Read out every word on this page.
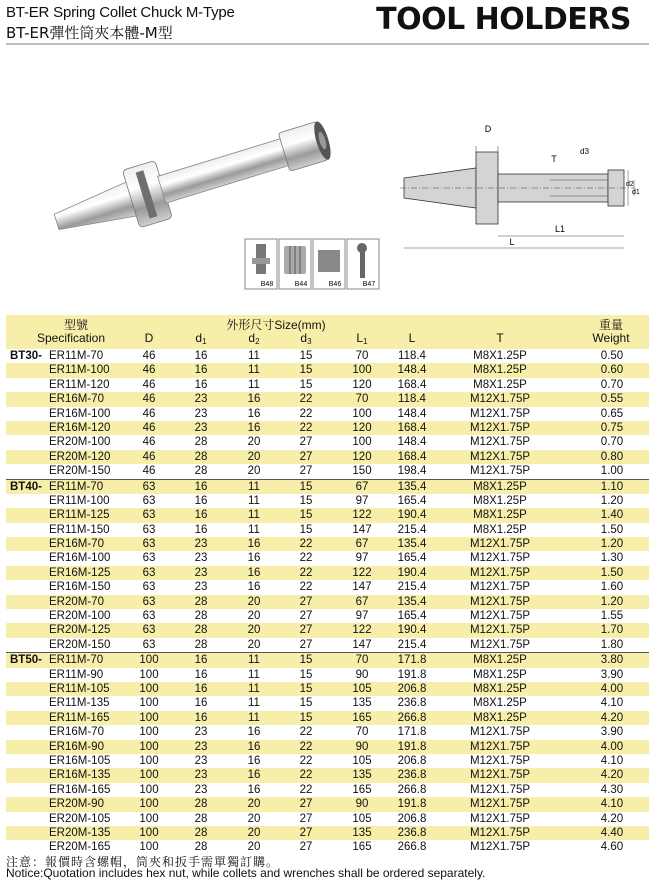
BT-ER Spring Collet Chuck M-Type
BT-ER彈性筒夾本體-M型	TOOL HOLDERS
D
T
d3
d2
d1
L1
L
B48	B44	B46	B47
型號	外形尺寸Size(mm)	重量
Specification	Weight
D	$d_1$	$d_2$	$d_3$	$L_1$	L	T
BT30- ER11M-70	46	16	11	15	70	118.4	M8X1.25P	0.50
ER11M-100	46	16	11	15	100	148.4	M8X1.25P	0.60
ER11M-120	46	16	11	15	120	168.4	M8X1.25P	0.70
ER16M-70	46	23	16	22	70	118.4	M12X1.75P	0.55
ER16M-100	46	23	16	22	100	148.4	M12X1.75P	0.65
ER16M-120	46	23	16	22	120	168.4	M12X1.75P	0.75
ER20M-100	46	28	20	27	100	148.4	M12X1.75P	0.70
ER20M-120	46	28	20	27	120	168.4	M12X1.75P	0.80
ER20M-150	46	28	20	27	150	198.4	M12X1.75P	1.00
BT40- ER11M-70	63	16	11	15	67	135.4	M8X1.25P	1.10
ER11M-100	63	16	11	15	97	165.4	M8X1.25P	1.20
ER11M-125	63	16	11	15	122	190.4	M8X1.25P	1.40
ER11M-150	63	16	11	15	147	215.4	M8X1.25P	1.50
ER16M-70	63	23	16	22	67	135.4	M12X1.75P	1.20
ER16M-100	63	23	16	22	97	165.4	M12X1.75P	1.30
ER16M-125	63	23	16	22	122	190.4	M12X1.75P	1.50
ER16M-150	63	23	16	22	147	215.4	M12X1.75P	1.60
ER20M-70	63	28	20	27	67	135.4	M12X1.75P	1.20
ER20M-100	63	28	20	27	97	165.4	M12X1.75P	1.55
ER20M-125	63	28	20	27	122	190.4	M12X1.75P	1.70
ER20M-150	63	28	20	27	147	215.4	M12X1.75P	1.80
BT50- ER11M-70	100	16	11	15	70	171.8	M8X1.25P	3.80
ER11M-90	100	16	11	15	90	191.8	M8X1.25P	3.90
ER11M-105	100	16	11	15	105	206.8	M8X1.25P	4.00
ER11M-135	100	16	11	15	135	236.8	M8X1.25P	4.10
ER11M-165	100	16	11	15	165	266.8	M8X1.25P	4.20
ER16M-70	100	23	16	22	70	171.8	M12X1.75P	3.90
ER16M-90	100	23	16	22	90	191.8	M12X1.75P	4.00
ER16M-105	100	23	16	22	105	206.8	M12X1.75P	4.10
ER16M-135	100	23	16	22	135	236.8	M12X1.75P	4.20
ER16M-165	100	23	16	22	165	266.8	M12X1.75P	4.30
ER20M-90	100	28	20	27	90	191.8	M12X1.75P	4.10
ER20M-105	100	28	20	27	105	206.8	M12X1.75P	4.20
ER20M-135	100	28	20	27	135	236.8	M12X1.75P	4.40
ER20M-165	100	28	20	27	165	266.8	M12X1.75P	4.60
注意：報價時含螺帽，筒夾和扳手需單獨訂購。
Notice:Quotation includes hex nut, while collets and wrenches shall be ordered separately.
